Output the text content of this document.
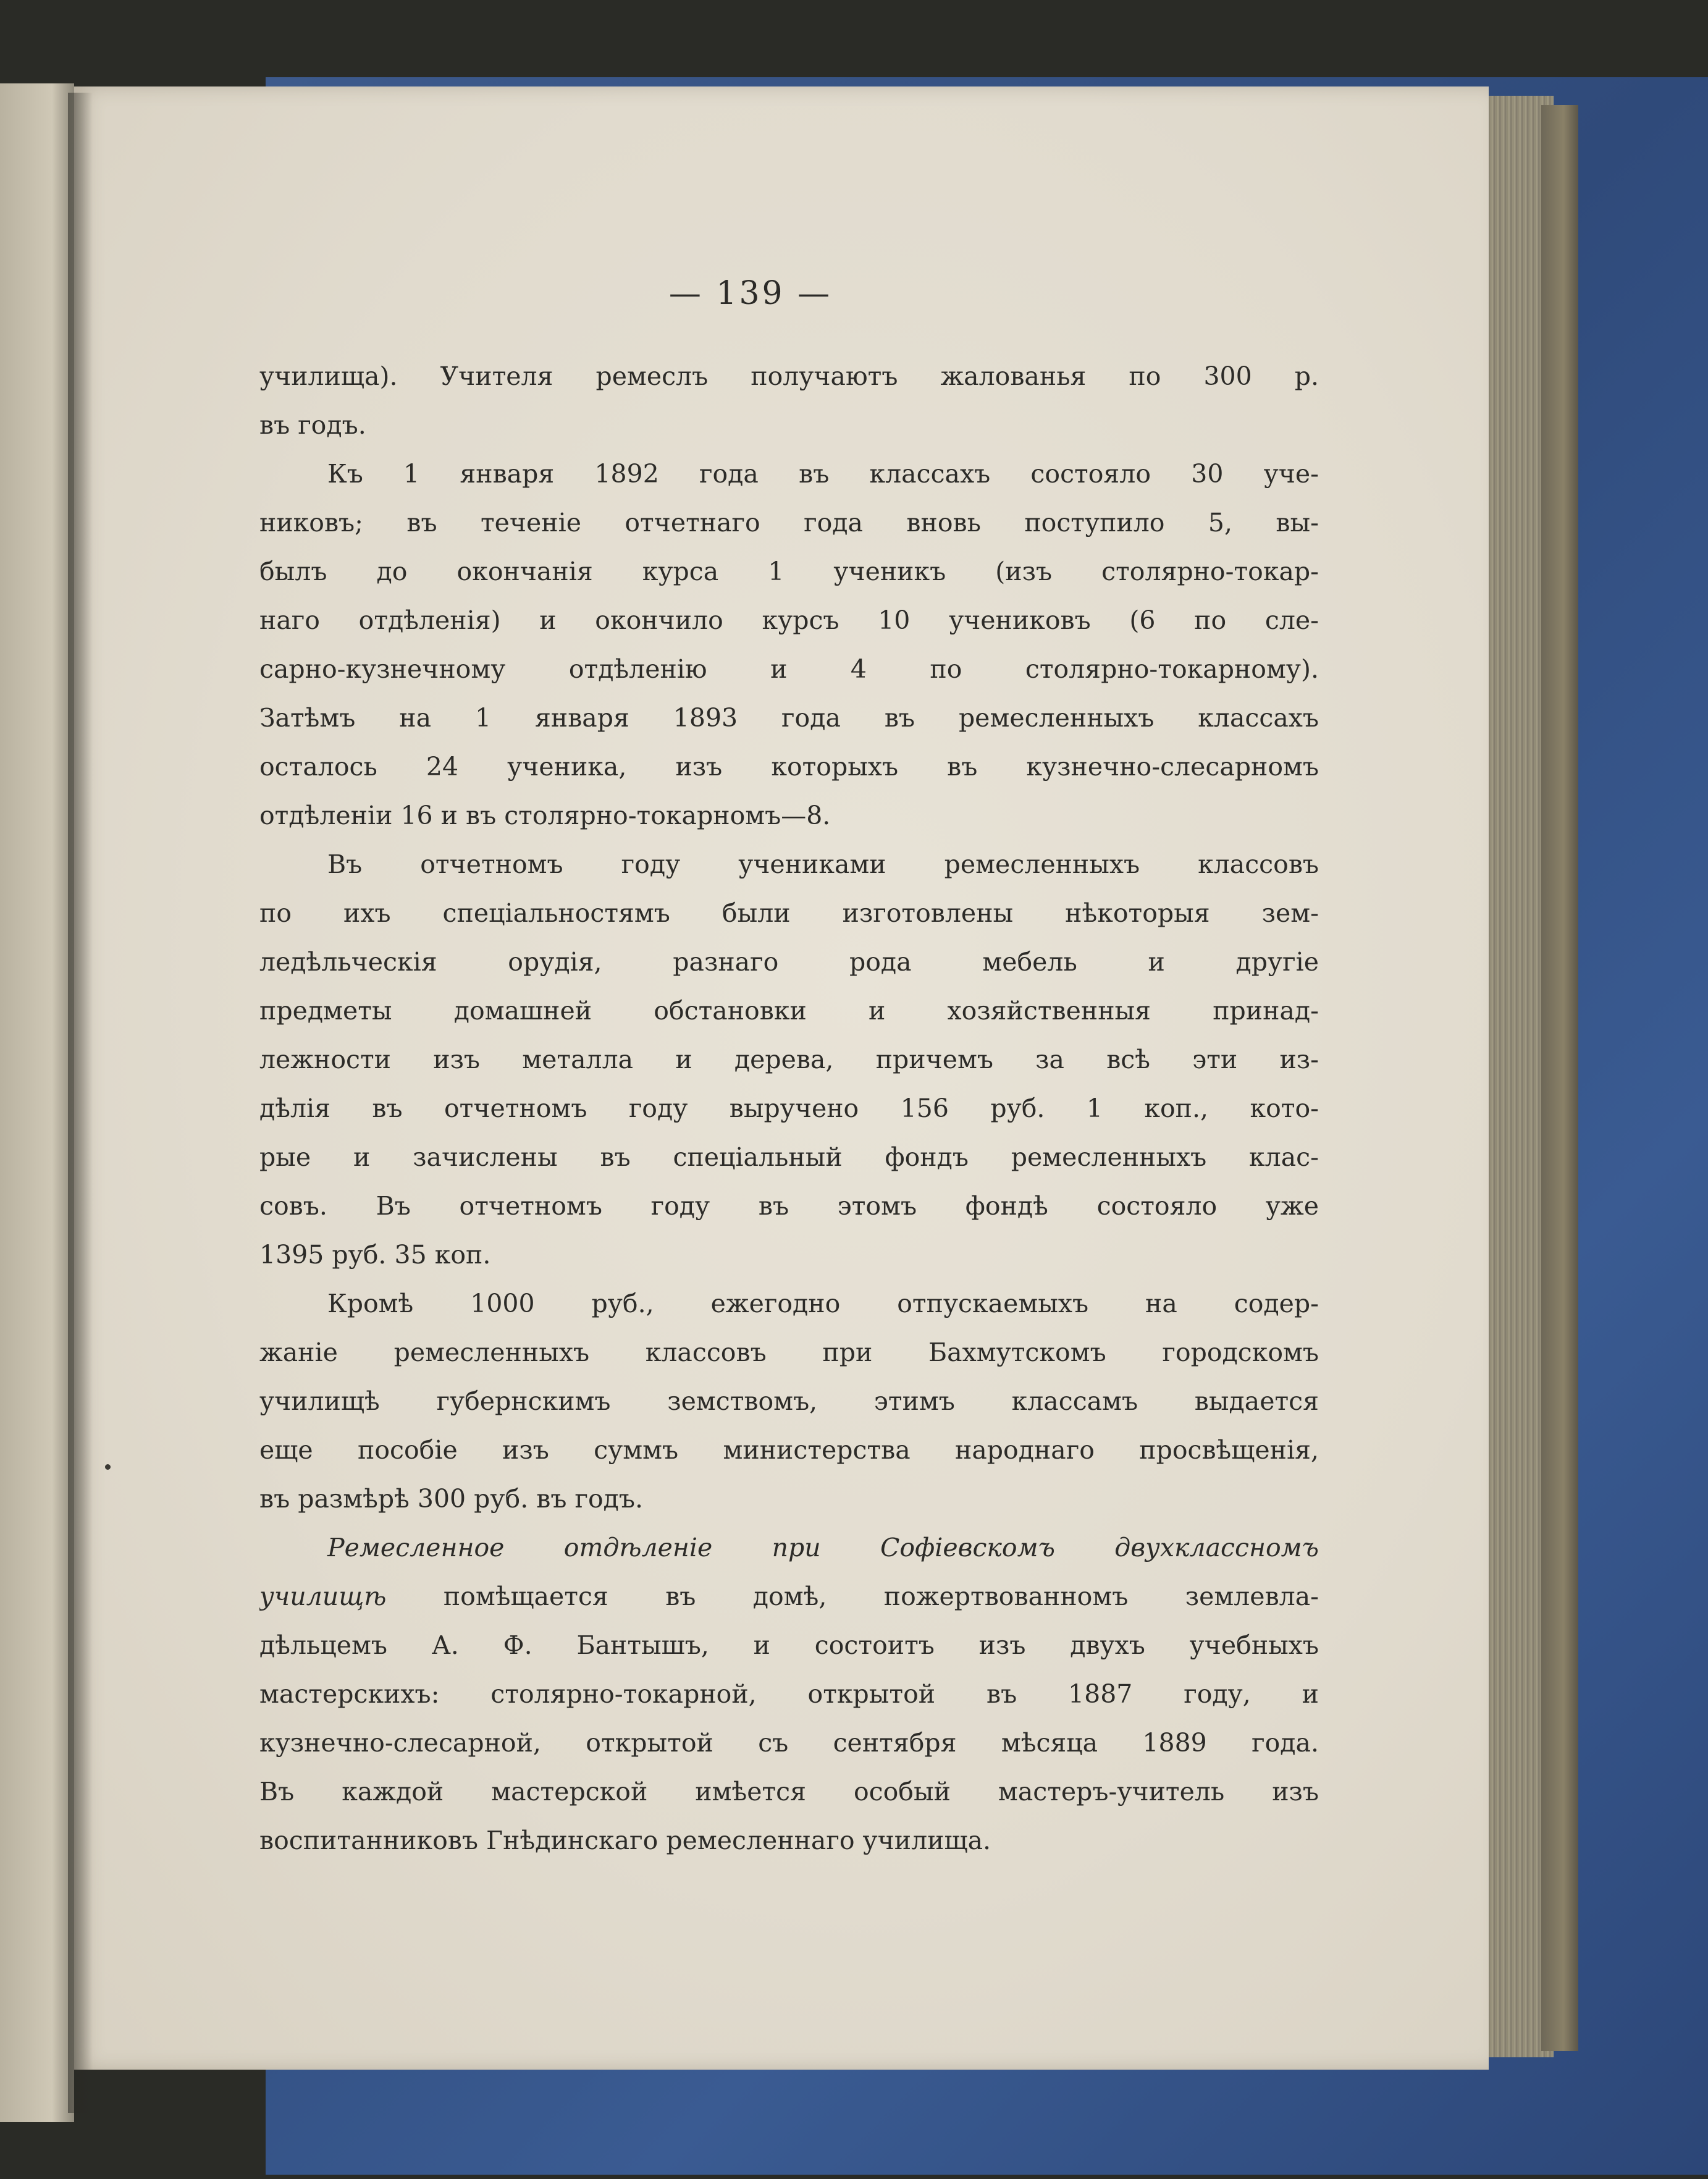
— 139 —
училища). Учителя ремеслъ получаютъ жалованья по 300 р.
въ годъ.
Къ 1 января 1892 года въ классахъ состояло 30 уче-
никовъ; въ теченіе отчетнаго года вновь поступило 5, вы-
былъ до окончанія курса 1 ученикъ (изъ столярно-токар-
наго отдѣленія) и окончило курсъ 10 учениковъ (6 по сле-
сарно-кузнечному отдѣленію и 4 по столярно-токарному).
Затѣмъ на 1 января 1893 года въ ремесленныхъ классахъ
осталось 24 ученика, изъ которыхъ въ кузнечно-слесарномъ
отдѣленіи 16 и въ столярно-токарномъ—8.
Въ отчетномъ году учениками ремесленныхъ классовъ
по ихъ спеціальностямъ были изготовлены нѣкоторыя зем-
ледѣльческія орудія, разнаго рода мебель и другіе
предметы домашней обстановки и хозяйственныя принад-
лежности изъ металла и дерева, причемъ за всѣ эти из-
дѣлія въ отчетномъ году выручено 156 руб. 1 коп., кото-
рые и зачислены въ спеціальный фондъ ремесленныхъ клас-
совъ. Въ отчетномъ году въ этомъ фондѣ состояло уже
1395 руб. 35 коп.
Кромѣ 1000 руб., ежегодно отпускаемыхъ на содер-
жаніе ремесленныхъ классовъ при Бахмутскомъ городскомъ
училищѣ губернскимъ земствомъ, этимъ классамъ выдается
еще пособіе изъ суммъ министерства народнаго просвѣщенія,
въ размѣрѣ 300 руб. въ годъ.
Ремесленное отдѣленіе при Софіевскомъ двухклассномъ
училищѣ помѣщается въ домѣ, пожертвованномъ землевла-
дѣльцемъ А. Ф. Бантышъ, и состоитъ изъ двухъ учебныхъ
мастерскихъ: столярно-токарной, открытой въ 1887 году, и
кузнечно-слесарной, открытой съ сентября мѣсяца 1889 года.
Въ каждой мастерской имѣется особый мастеръ-учитель изъ
воспитанниковъ Гнѣдинскаго ремесленнаго училища.
